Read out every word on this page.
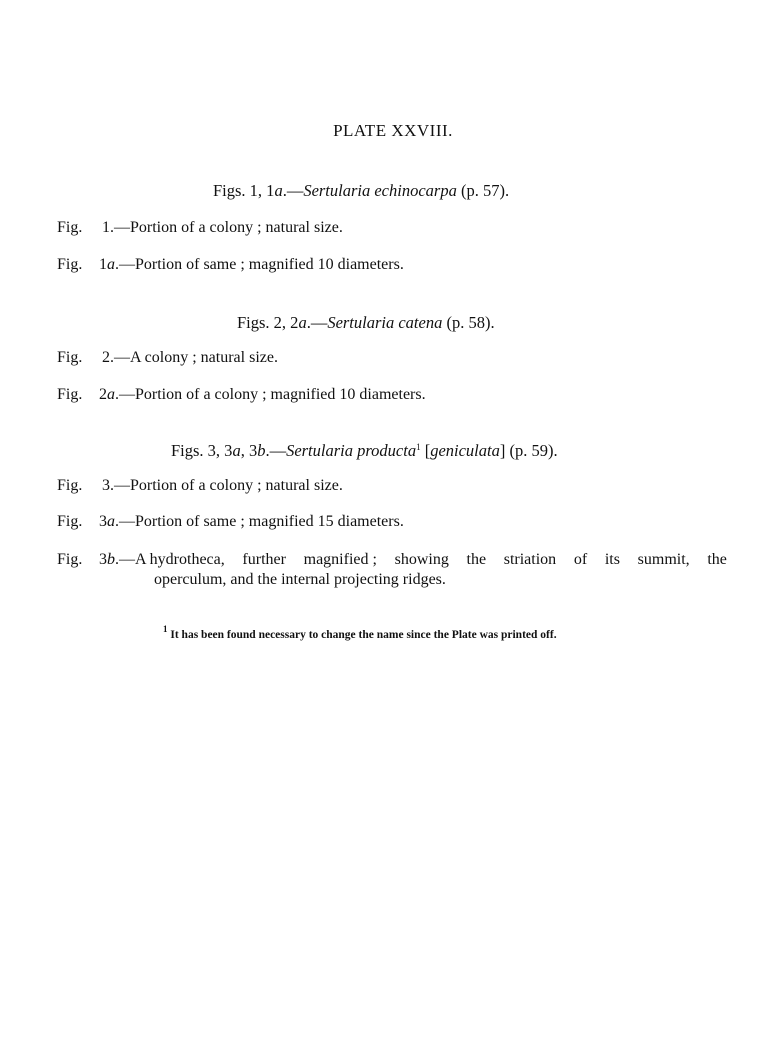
PLATE XXVIII.
Figs. 1, 1a.—Sertularia echinocarpa (p. 57).
Fig. 1.—Portion of a colony ; natural size.
Fig. 1a.—Portion of same ; magnified 10 diameters.
Figs. 2, 2a.—Sertularia catena (p. 58).
Fig. 2.—A colony ; natural size.
Fig. 2a.—Portion of a colony ; magnified 10 diameters.
Figs. 3, 3a, 3b.—Sertularia producta$^1$ [geniculata] (p. 59).
Fig. 3.—Portion of a colony ; natural size.
Fig. 3a.—Portion of same ; magnified 15 diameters.
Fig. 3b.—A hydrotheca, further magnified ; showing the striation of its summit, the
operculum, and the internal projecting ridges.
$^1$ It has been found necessary to change the name since the Plate was printed off.
